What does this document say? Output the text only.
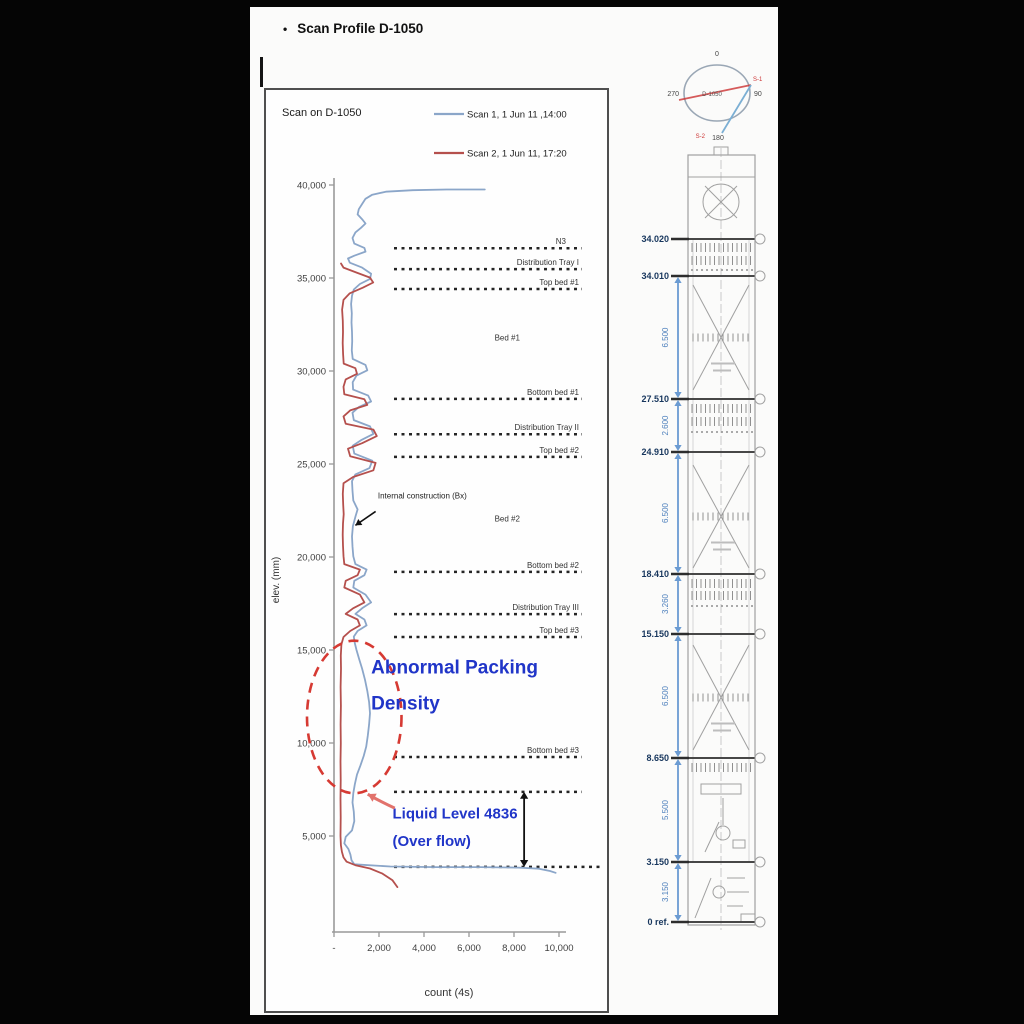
• Scan Profile D-1050
Scan on D-1050	Scan 1, 1 Jun 11 ,14:00
Scan 2, 1 Jun 11, 17:20
elev. (mm)
count (4s)
N3
Distribution Tray I
Top bed #1
Bottom bed #1
Distribution Tray II
Top bed #2
Bottom bed #2
Distribution Tray III
Top bed #3
Bottom bed #3
Bed #1
Bed #2
40,000
35,000
30,000
25,000
20,000
15,000
10,000
5,000
-	2,000 4,000 6,000 8,000 10,000
Internal construction (Bx)
Abnormal Packing
Density
Liquid Level 4836
(Over flow)
0
90
180
270	D-1050
S-1
S-2
34.020
34.010
27.510
24.910
18.410
15.150
8.650
3.150
0 ref.
6.500
2.600
6.500
3.260
6.500
5.500
3.150
